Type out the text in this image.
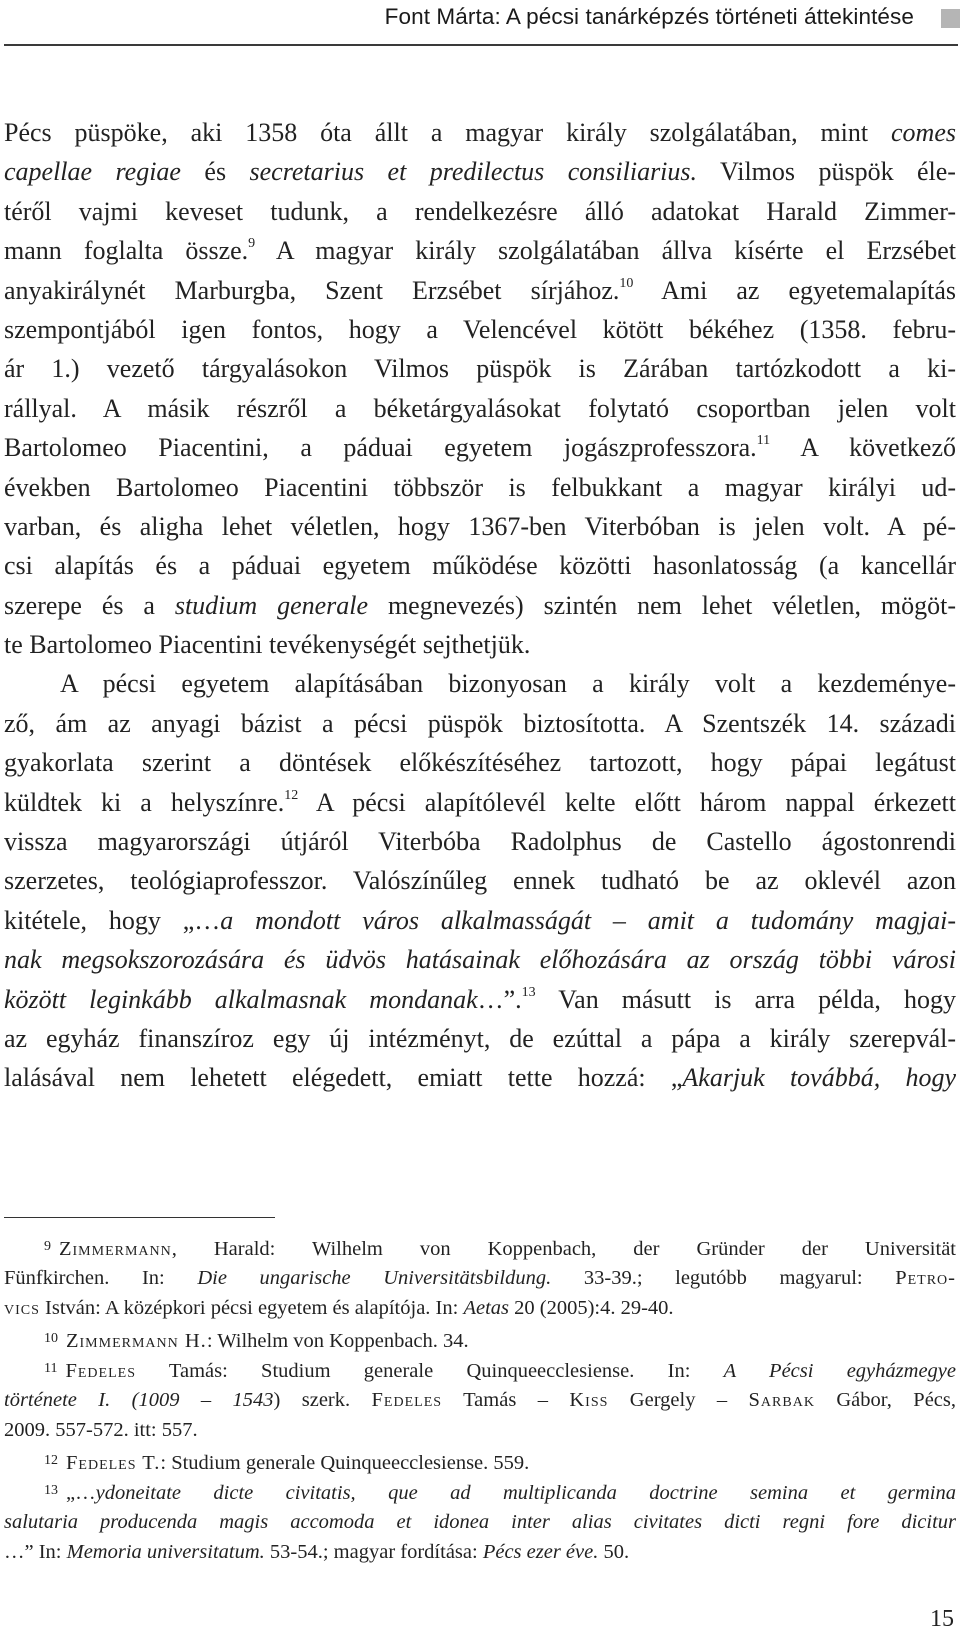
Font Márta: A pécsi tanárképzés történeti áttekintése
Pécs püspöke, aki 1358 óta állt a magyar király szolgálatában, mint comes
capellae regiae és secretarius et predilectus consiliarius. Vilmos püspök éle-
téről vajmi keveset tudunk, a rendelkezésre álló adatokat Harald Zimmer-
mann foglalta össze.$^9$ A magyar király szolgálatában állva kísérte el Erzsébet
anyakirálynét Marburgba, Szent Erzsébet sírjához.$^{10}$ Ami az egyetemalapítás
szempontjából igen fontos, hogy a Velencével kötött békéhez (1358. febru-
ár 1.) vezető tárgyalásokon Vilmos püspök is Zárában tartózkodott a ki-
rállyal. A másik részről a béketárgyalásokat folytató csoportban jelen volt
Bartolomeo Piacentini, a páduai egyetem jogászprofesszora.$^{11}$ A következő
években Bartolomeo Piacentini többször is felbukkant a magyar királyi ud-
varban, és aligha lehet véletlen, hogy 1367-ben Viterbóban is jelen volt. A pé-
csi alapítás és a páduai egyetem működése közötti hasonlatosság (a kancellár
szerepe és a studium generale megnevezés) szintén nem lehet véletlen, mögöt-
te Bartolomeo Piacentini tevékenységét sejthetjük.
A pécsi egyetem alapításában bizonyosan a király volt a kezdeménye-
ző, ám az anyagi bázist a pécsi püspök biztosította. A Szentszék 14. századi
gyakorlata szerint a döntések előkészítéséhez tartozott, hogy pápai legátust
küldtek ki a helyszínre.$^{12}$ A pécsi alapítólevél kelte előtt három nappal érkezett
vissza magyarországi útjáról Viterbóba Radolphus de Castello ágostonrendi
szerzetes, teológiaprofesszor. Valószínűleg ennek tudható be az oklevél azon
kitétele, hogy „…a mondott város alkalmasságát – amit a tudomány magjai-
nak megsokszorozására és üdvös hatásainak előhozására az ország többi városi
között leginkább alkalmasnak mondanak…”.$^{13}$ Van másutt is arra példa, hogy
az egyház finanszíroz egy új intézményt, de ezúttal a pápa a király szerepvál-
lalásával nem lehetett elégedett, emiatt tette hozzá: „Akarjuk továbbá, hogy
$^9$ Zimmermann, Harald: Wilhelm von Koppenbach, der Gründer der Universität
Fünfkirchen. In: Die ungarische Universitätsbildung. 33-39.; legutóbb magyarul: Petro-
vics István: A középkori pécsi egyetem és alapítója. In: Aetas 20 (2005):4. 29-40.
$^{10}$ Zimmermann H.: Wilhelm von Koppenbach. 34.
$^{11}$ Fedeles Tamás: Studium generale Quinqueecclesiense. In: A Pécsi egyházmegye
története I. (1009 – 1543) szerk. Fedeles Tamás – Kiss Gergely – Sarbak Gábor, Pécs,
2009. 557-572. itt: 557.
$^{12}$ Fedeles T.: Studium generale Quinqueecclesiense. 559.
$^{13}$ „…ydoneitate dicte civitatis, que ad multiplicanda doctrine semina et germina
salutaria producenda magis accomoda et idonea inter alias civitates dicti regni fore dicitur
…” In: Memoria universitatum. 53-54.; magyar fordítása: Pécs ezer éve. 50.
15
